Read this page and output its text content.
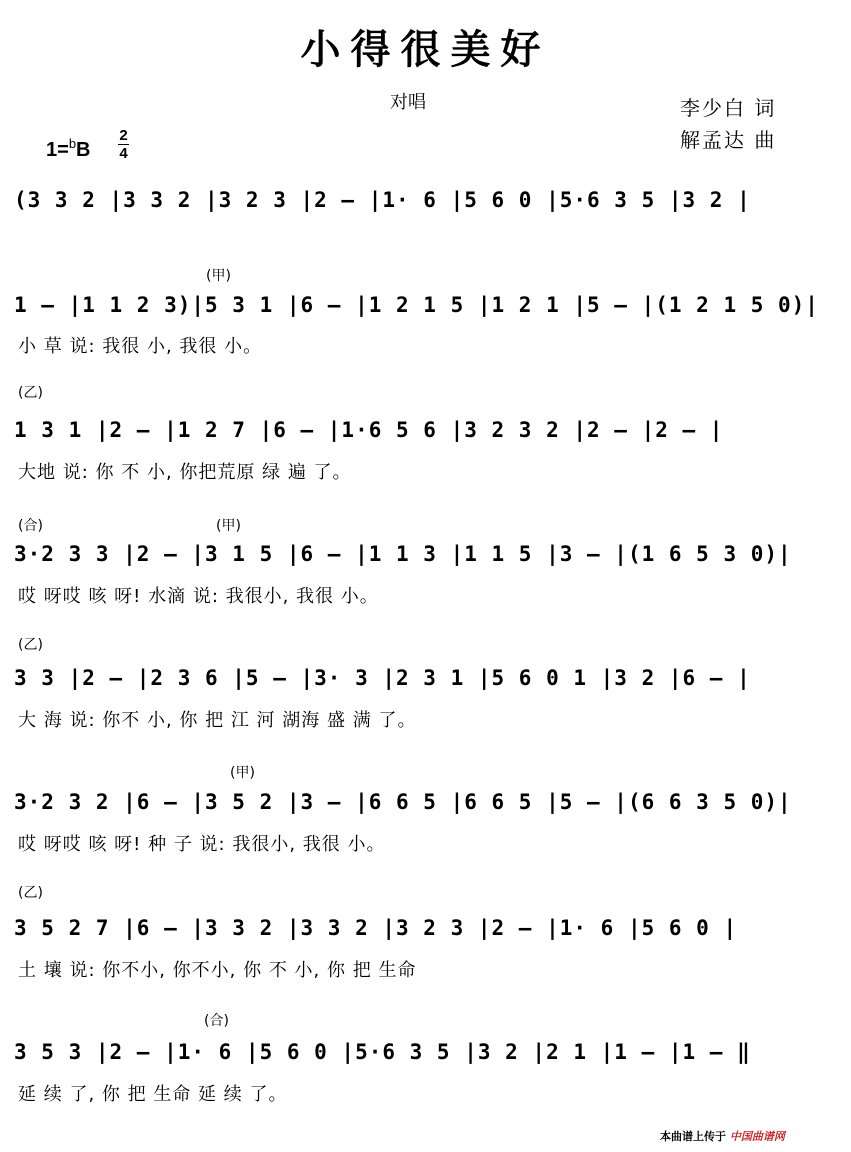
小得很美好
对唱	李少白 词
解孟达 曲
1=$^b$B
2
4
(3 3 2 |3 3 2 |3 2 3 |2 – |1· 6 |5 6 0 |5·6 3 5 |3 2 |
(甲)
1 – |1 1 2 3)|5 3 1 |6 – |1 2 1 5 |1 2 1 |5 – |(1 2 1 5 0)|
小 草 说: 我很 小, 我很 小。
(乙)
1 3 1 |2 – |1 2 7 |6 – |1·6 5 6 |3 2 3 2 |2 – |2 – |
大地 说: 你 不 小, 你把荒原 绿 遍 了。
(合)	(甲)
3·2 3 3 |2 – |3 1 5 |6 – |1 1 3 |1 1 5 |3 – |(1 6 5 3 0)|
哎 呀哎 咳 呀! 水滴 说: 我很小, 我很 小。
(乙)
3 3 |2 – |2 3 6 |5 – |3· 3 |2 3 1 |5 6 0 1 |3 2 |6 – |
大 海 说: 你不 小, 你 把 江 河 湖海 盛 满 了。
(甲)
3·2 3 2 |6 – |3 5 2 |3 – |6 6 5 |6 6 5 |5 – |(6 6 3 5 0)|
哎 呀哎 咳 呀! 种 子 说: 我很小, 我很 小。
(乙)
3 5 2 7 |6 – |3 3 2 |3 3 2 |3 2 3 |2 – |1· 6 |5 6 0 |
土 壤 说: 你不小, 你不小, 你 不 小, 你 把 生命
(合)
3 5 3 |2 – |1· 6 |5 6 0 |5·6 3 5 |3 2 |2 1 |1 – |1 – ‖
延 续 了, 你 把 生命 延 续 了。
本曲谱上传于 中国曲谱网
